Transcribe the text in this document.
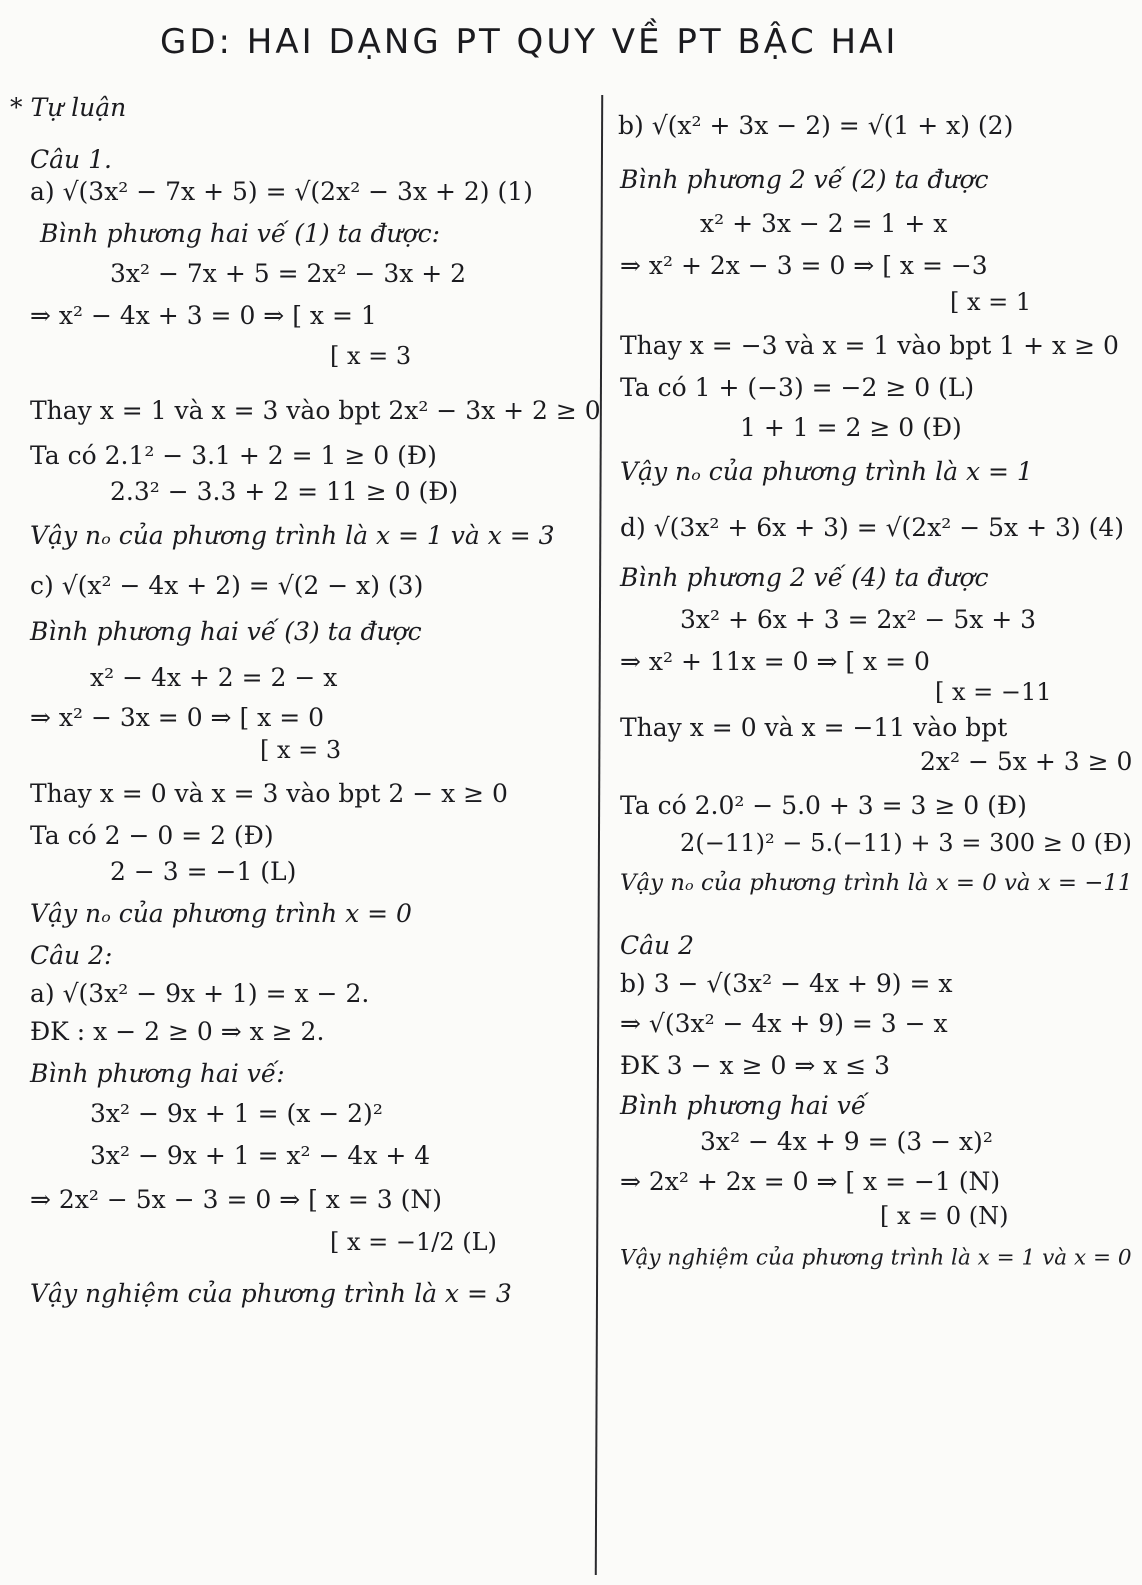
GD: HAI DẠNG PT QUY VỀ PT BẬC HAI
* Tự luận
Câu 1.
a) √(3x² − 7x + 5) = √(2x² − 3x + 2) (1)
Bình phương hai vế (1) ta được:
3x² − 7x + 5 = 2x² − 3x + 2
⇒ x² − 4x + 3 = 0 ⇒ [ x = 1
[ x = 3
Thay x = 1 và x = 3 vào bpt 2x² − 3x + 2 ≥ 0
Ta có 2.1² − 3.1 + 2 = 1 ≥ 0 (Đ)
2.3² − 3.3 + 2 = 11 ≥ 0 (Đ)
Vậy nₒ của phương trình là x = 1 và x = 3
c) √(x² − 4x + 2) = √(2 − x) (3)
Bình phương hai vế (3) ta được
x² − 4x + 2 = 2 − x
⇒ x² − 3x = 0 ⇒ [ x = 0
[ x = 3
Thay x = 0 và x = 3 vào bpt 2 − x ≥ 0
Ta có 2 − 0 = 2 (Đ)
2 − 3 = −1 (L)
Vậy nₒ của phương trình x = 0
Câu 2:
a) √(3x² − 9x + 1) = x − 2.
ĐK : x − 2 ≥ 0 ⇒ x ≥ 2.
Bình phương hai vế:
3x² − 9x + 1 = (x − 2)²
3x² − 9x + 1 = x² − 4x + 4
⇒ 2x² − 5x − 3 = 0 ⇒ [ x = 3 (N)
[ x = −1/2 (L)
Vậy nghiệm của phương trình là x = 3
b) √(x² + 3x − 2) = √(1 + x) (2)
Bình phương 2 vế (2) ta được
x² + 3x − 2 = 1 + x
⇒ x² + 2x − 3 = 0 ⇒ [ x = −3
[ x = 1
Thay x = −3 và x = 1 vào bpt 1 + x ≥ 0
Ta có 1 + (−3) = −2 ≥ 0 (L)
1 + 1 = 2 ≥ 0 (Đ)
Vậy nₒ của phương trình là x = 1
d) √(3x² + 6x + 3) = √(2x² − 5x + 3) (4)
Bình phương 2 vế (4) ta được
3x² + 6x + 3 = 2x² − 5x + 3
⇒ x² + 11x = 0 ⇒ [ x = 0
[ x = −11
Thay x = 0 và x = −11 vào bpt
2x² − 5x + 3 ≥ 0
Ta có 2.0² − 5.0 + 3 = 3 ≥ 0 (Đ)
2(−11)² − 5.(−11) + 3 = 300 ≥ 0 (Đ)
Vậy nₒ của phương trình là x = 0 và x = −11
Câu 2
b) 3 − √(3x² − 4x + 9) = x
⇒ √(3x² − 4x + 9) = 3 − x
ĐK 3 − x ≥ 0 ⇒ x ≤ 3
Bình phương hai vế
3x² − 4x + 9 = (3 − x)²
⇒ 2x² + 2x = 0 ⇒ [ x = −1 (N)
[ x = 0 (N)
Vậy nghiệm của phương trình là x = 1 và x = 0
